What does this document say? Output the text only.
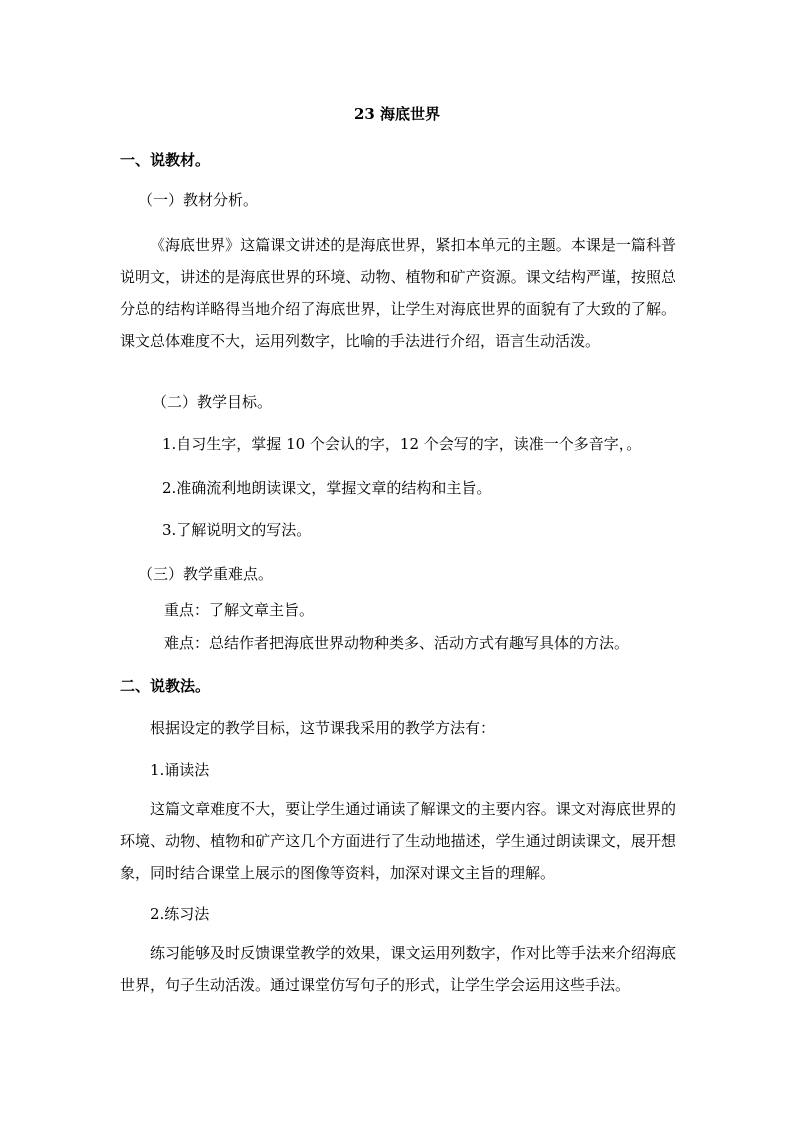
23 海底世界
一、说教材。
（一）教材分析。
《海底世界》这篇课文讲述的是海底世界，紧扣本单元的主题。本课是一篇科普说明文，讲述的是海底世界的环境、动物、植物和矿产资源。课文结构严谨，按照总分总的结构详略得当地介绍了海底世界，让学生对海底世界的面貌有了大致的了解。课文总体难度不大，运用列数字，比喻的手法进行介绍，语言生动活泼。
（二）教学目标。
1.自习生字，掌握 10 个会认的字，12 个会写的字，读准一个多音字，。
2.准确流利地朗读课文，掌握文章的结构和主旨。
3.了解说明文的写法。
（三）教学重难点。
重点：了解文章主旨。
难点：总结作者把海底世界动物种类多、活动方式有趣写具体的方法。
二、说教法。
根据设定的教学目标，这节课我采用的教学方法有：
1.诵读法
这篇文章难度不大，要让学生通过诵读了解课文的主要内容。课文对海底世界的环境、动物、植物和矿产这几个方面进行了生动地描述，学生通过朗读课文，展开想象，同时结合课堂上展示的图像等资料，加深对课文主旨的理解。
2.练习法
练习能够及时反馈课堂教学的效果，课文运用列数字，作对比等手法来介绍海底世界，句子生动活泼。通过课堂仿写句子的形式，让学生学会运用这些手法。
